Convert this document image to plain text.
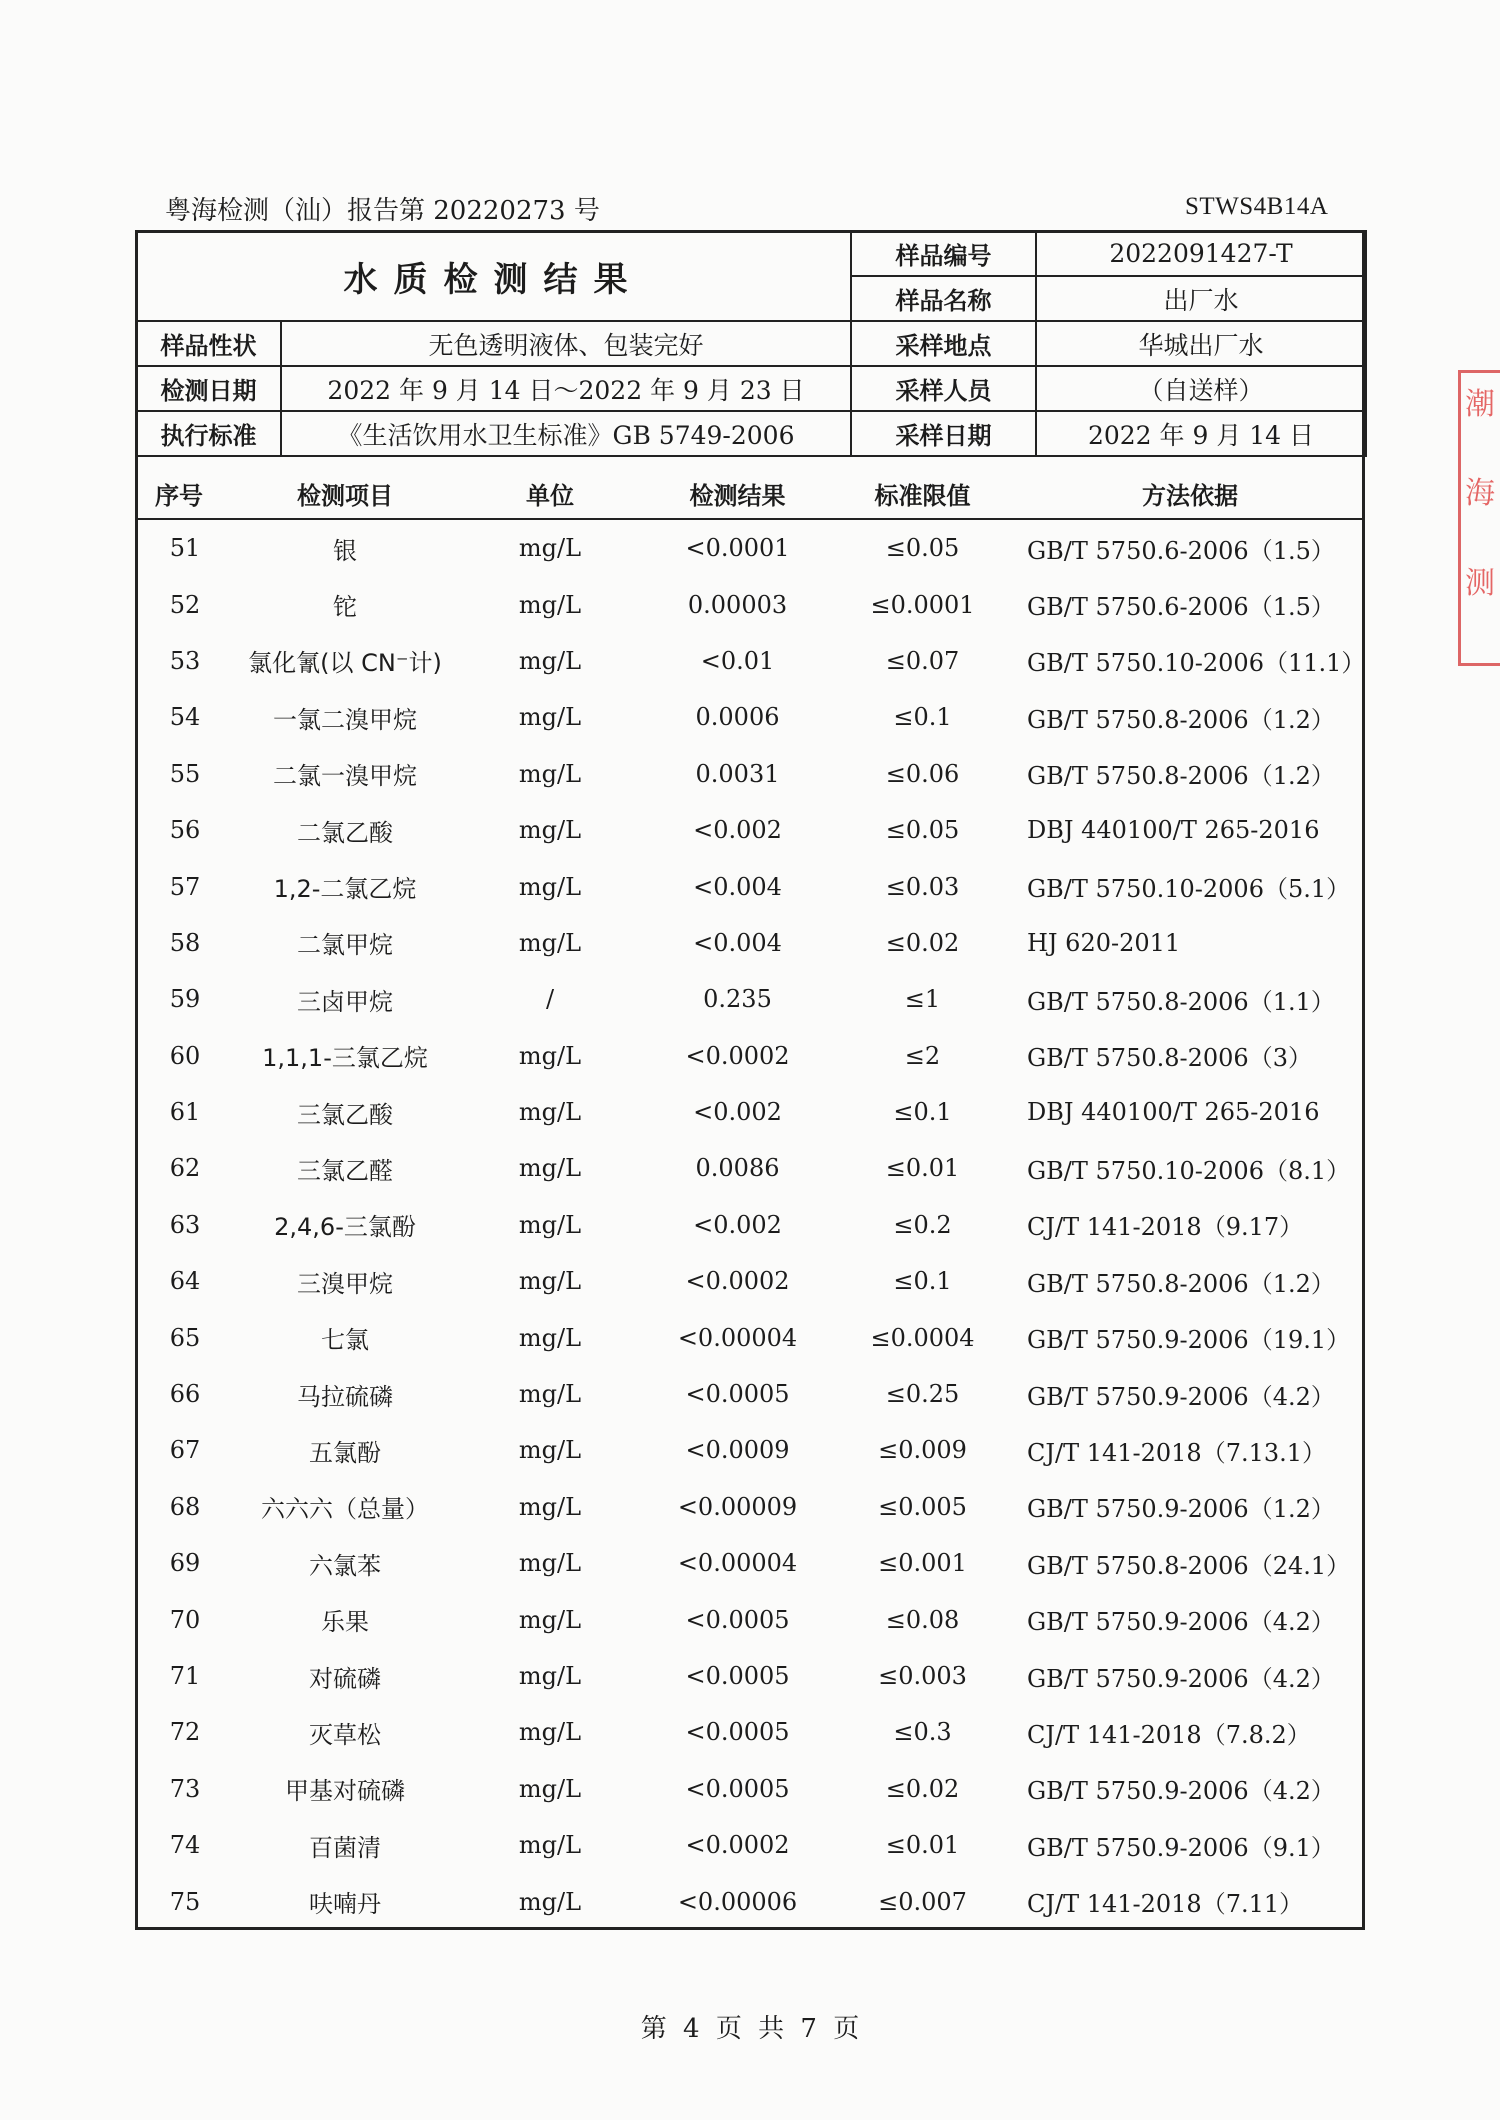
粤海检测（汕）报告第 20220273 号	STWS4B14A
水质检测结果		样品编号	2022091427-T
		样品名称	出厂水
样品性状	无色透明液体、包装完好	采样地点	华城出厂水
检测日期	2022 年 9 月 14 日～2022 年 9 月 23 日	采样人员	（自送样）
执行标准	《生活饮用水卫生标准》GB 5749-2006	采样日期	2022 年 9 月 14 日
序号	检测项目	单位	检测结果	标准限值	方法依据
51	银	mg/L	<0.0001	≤0.05	GB/T 5750.6-2006（1.5）
52	铊	mg/L	0.00003	≤0.0001	GB/T 5750.6-2006（1.5）
53	氯化氰(以 CN⁻计)	mg/L	<0.01	≤0.07	GB/T 5750.10-2006（11.1）
54	一氯二溴甲烷	mg/L	0.0006	≤0.1	GB/T 5750.8-2006（1.2）
55	二氯一溴甲烷	mg/L	0.0031	≤0.06	GB/T 5750.8-2006（1.2）
56	二氯乙酸	mg/L	<0.002	≤0.05	DBJ 440100/T 265-2016
57	1,2-二氯乙烷	mg/L	<0.004	≤0.03	GB/T 5750.10-2006（5.1）
58	二氯甲烷	mg/L	<0.004	≤0.02	HJ 620-2011
59	三卤甲烷	/	0.235	≤1	GB/T 5750.8-2006（1.1）
60	1,1,1-三氯乙烷	mg/L	<0.0002	≤2	GB/T 5750.8-2006（3）
61	三氯乙酸	mg/L	<0.002	≤0.1	DBJ 440100/T 265-2016
62	三氯乙醛	mg/L	0.0086	≤0.01	GB/T 5750.10-2006（8.1）
63	2,4,6-三氯酚	mg/L	<0.002	≤0.2	CJ/T 141-2018（9.17）
64	三溴甲烷	mg/L	<0.0002	≤0.1	GB/T 5750.8-2006（1.2）
65	七氯	mg/L	<0.00004	≤0.0004	GB/T 5750.9-2006（19.1）
66	马拉硫磷	mg/L	<0.0005	≤0.25	GB/T 5750.9-2006（4.2）
67	五氯酚	mg/L	<0.0009	≤0.009	CJ/T 141-2018（7.13.1）
68	六六六（总量）	mg/L	<0.00009	≤0.005	GB/T 5750.9-2006（1.2）
69	六氯苯	mg/L	<0.00004	≤0.001	GB/T 5750.8-2006（24.1）
70	乐果	mg/L	<0.0005	≤0.08	GB/T 5750.9-2006（4.2）
71	对硫磷	mg/L	<0.0005	≤0.003	GB/T 5750.9-2006（4.2）
72	灭草松	mg/L	<0.0005	≤0.3	CJ/T 141-2018（7.8.2）
73	甲基对硫磷	mg/L	<0.0005	≤0.02	GB/T 5750.9-2006（4.2）
74	百菌清	mg/L	<0.0002	≤0.01	GB/T 5750.9-2006（9.1）
75	呋喃丹	mg/L	<0.00006	≤0.007	CJ/T 141-2018（7.11）
第 4 页 共 7 页
潮
海
测
